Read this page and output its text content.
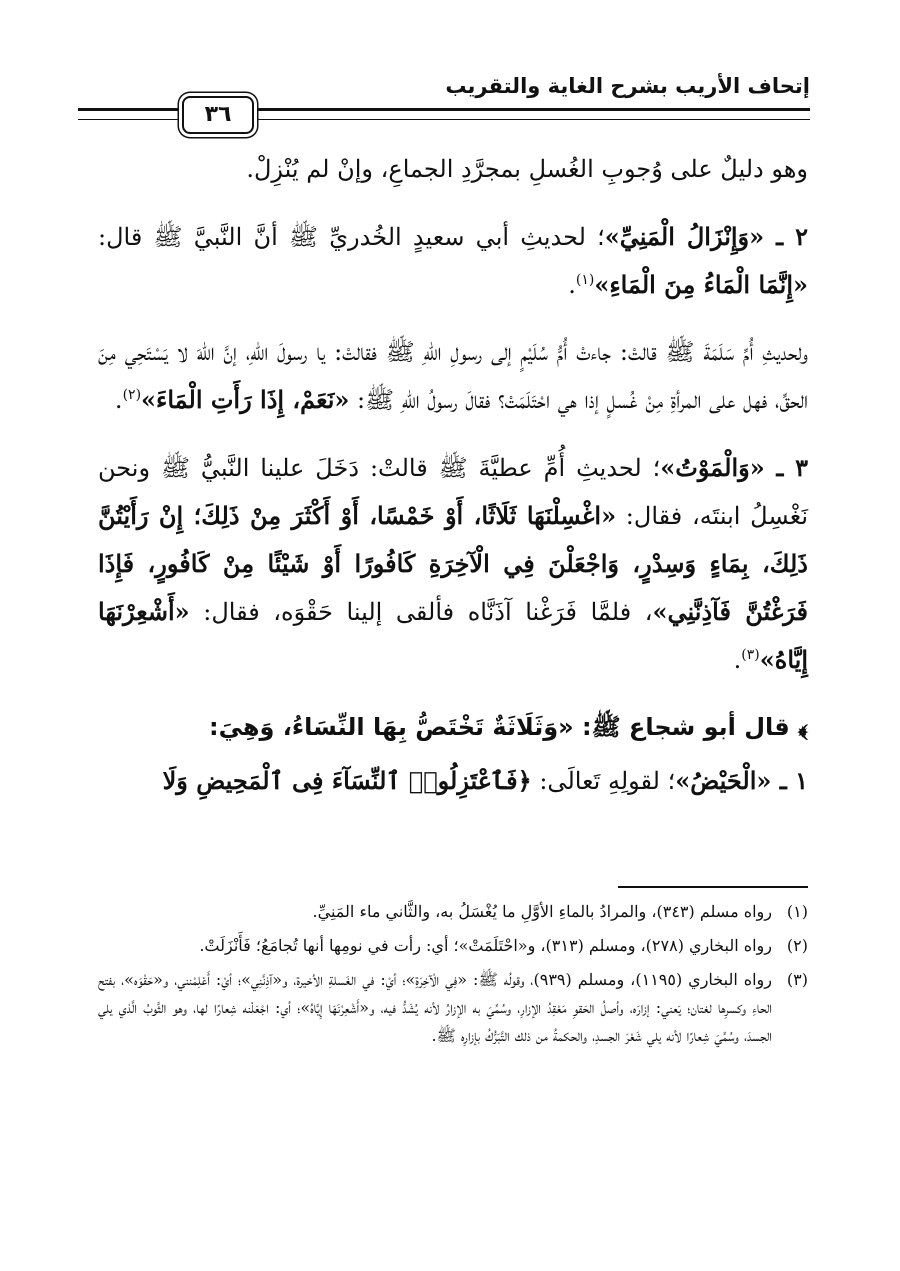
إتحاف الأريب بشرح الغاية والتقريب
٣٦

وهو دليلٌ على وُجوبِ الغُسلِ بمجرَّدِ الجماعِ، وإنْ لم يُنْزِلْ.

٢ ـ «وَإِنْزَالُ الْمَنِيِّ»؛ لحديثِ أبي سعيدٍ الخُدريِّ ﷺ أنَّ النَّبيَّ ﷺ قال: «إِنَّمَا الْمَاءُ مِنَ الْمَاءِ»$^{(١)}$.

ولحديثِ أُمِّ سَلَمَةَ ﷺ قالتْ: جاءتْ أُمُّ سُلَيْمٍ إلى رسولِ اللهِ ﷺ فقالتْ: يا رسولَ اللهِ، إنَّ اللهَ لا يَسْتَحِي مِنَ الحقِّ، فهل على المرأةِ مِنْ غُسلٍ إذا هي احْتَلَمَتْ؟ فقالَ رسولُ اللهِ ﷺ: «نَعَمْ، إِذَا رَأَتِ الْمَاءَ»$^{(٢)}$.

٣ ـ «وَالْمَوْتُ»؛ لحديثِ أُمِّ عطيَّةَ ﷺ قالتْ: دَخَلَ علينا النَّبيُّ ﷺ ونحن نَغْسِلُ ابنتَه، فقال: «اغْسِلْنَهَا ثَلَاثًا، أَوْ خَمْسًا، أَوْ أَكْثَرَ مِنْ ذَلِكَ؛ إِنْ رَأَيْتُنَّ ذَلِكَ، بِمَاءٍ وَسِدْرٍ، وَاجْعَلْنَ فِي الْآخِرَةِ كَافُورًا أَوْ شَيْئًا مِنْ كَافُورٍ، فَإِذَا فَرَغْتُنَّ فَآذِنَّنِي»، فلمَّا فَرَغْنا آذَنَّاه فألقى إلينا حَقْوَه، فقال: «أَشْعِرْنَهَا إِيَّاهُ»$^{(٣)}$.

﴾ قال أبو شجاع ﷺ: «وَثَلَاثَةٌ تَخْتَصُّ بِهَا النِّسَاءُ، وَهِيَ:

١ ـ «الْحَيْضُ»؛ لقولِهِ تَعالَى: ﴿فَٱعْتَزِلُوا۟ ٱلنِّسَآءَ فِى ٱلْمَحِيضِ وَلَا

(١)
رواه مسلم (٣٤٣)، والمرادُ بالماءِ الأوَّلِ ما يُغْسَلُ به، والثَّاني ماء المَنِيِّ.
(٢)
رواه البخاري (٢٧٨)، ومسلم (٣١٣)، و«احْتَلَمَتْ»؛ أي: رأت في نومِها أنها تُجامَعُ؛ فَأَنْزَلَتْ.
(٣)
رواه البخاري (١١٩٥)، ومسلم (٩٣٩)، وقولُه ﷺ: «فِي الْآخِرَةِ»؛ أيْ: في الغَسلةِ الأخيرة، و«آذِنَّنِي»؛ أيْ: أَعْلِمْنني، و«حَقْوَه»، بفتح الحاءِ وكسرِها لغتان؛ يَعني: إزارَه، وأصلُ الحَقوِ مَعْقِدُ الإزارِ، وسُمِّيَ به الإزارُ لأنه يُشَدُّ فيه، و«أَشْعِرْنَهَا إِيَّاهُ»؛ أي: اجْعَلْنه شِعارًا لها، وهو الثَّوبُ الَّذي يلي الجسدَ، وسُمِّيَ شِعارًا لأنه يلي شَعْرَ الجسدِ، والحكمةُ من ذلك التَّبَرُّكُ بإزارِه ﷺ.
